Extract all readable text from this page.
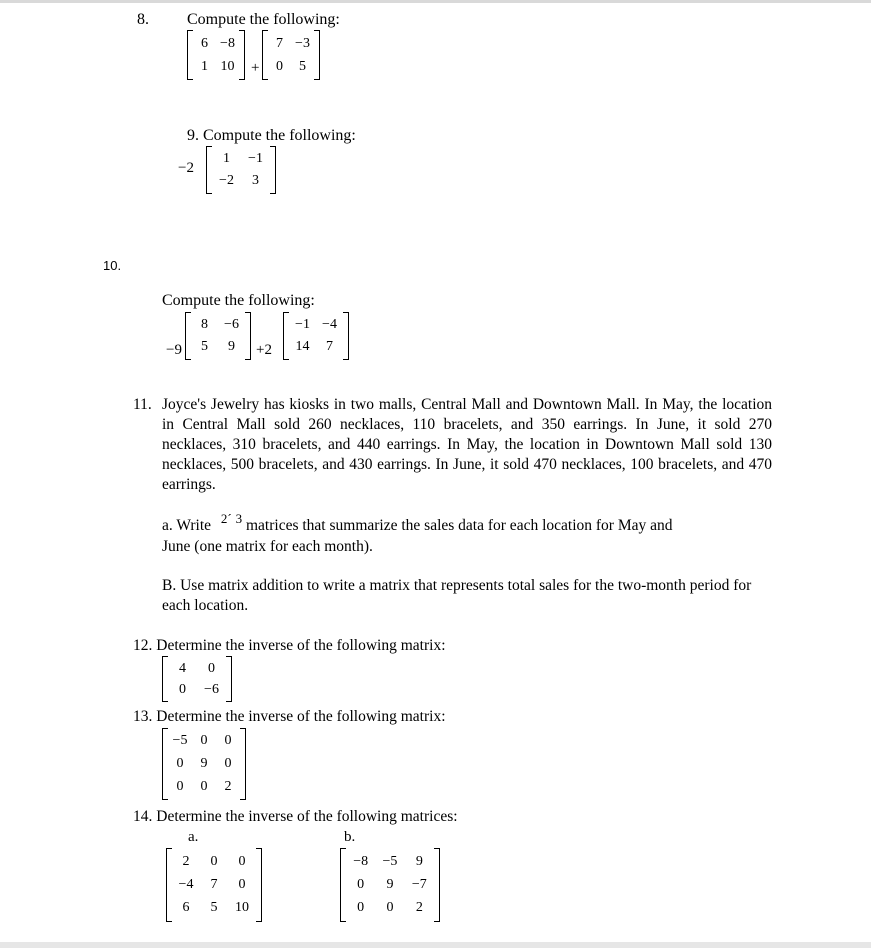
8. Compute the following:
6 −8
1 10	+
7 −3
0	5
9. Compute the following:
−2
1	−1
−2	3
10.
Compute the following:
−9
8	−6
5	9	+2
−1 −4
14	7
11. Joyce's Jewelry has kiosks in two malls, Central Mall and Downtown Mall. In May, the location in Central Mall sold 260 necklaces, 110 bracelets, and 350 earrings. In June, it sold 270 necklaces, 310 bracelets, and 440 earrings. In May, the location in Downtown Mall sold 130 necklaces, 500 bracelets, and 430 earrings. In June, it sold 470 necklaces, 100 bracelets, and 470 earrings.
a. Write $^{2´}$ $^3$ matrices that summarize the sales data for each location for May and
June (one matrix for each month).
B. Use matrix addition to write a matrix that represents total sales for the two-month period for each location.
12. Determine the inverse of the following matrix:
4	0
0	−6
13. Determine the inverse of the following matrix:
−5 0	0
0	9	0
0	0	2
14. Determine the inverse of the following matrices:
a.	b.
2	0	0
−4	7	0
6	5	10
−8	−5	9
0	9	−7
0	0	2
